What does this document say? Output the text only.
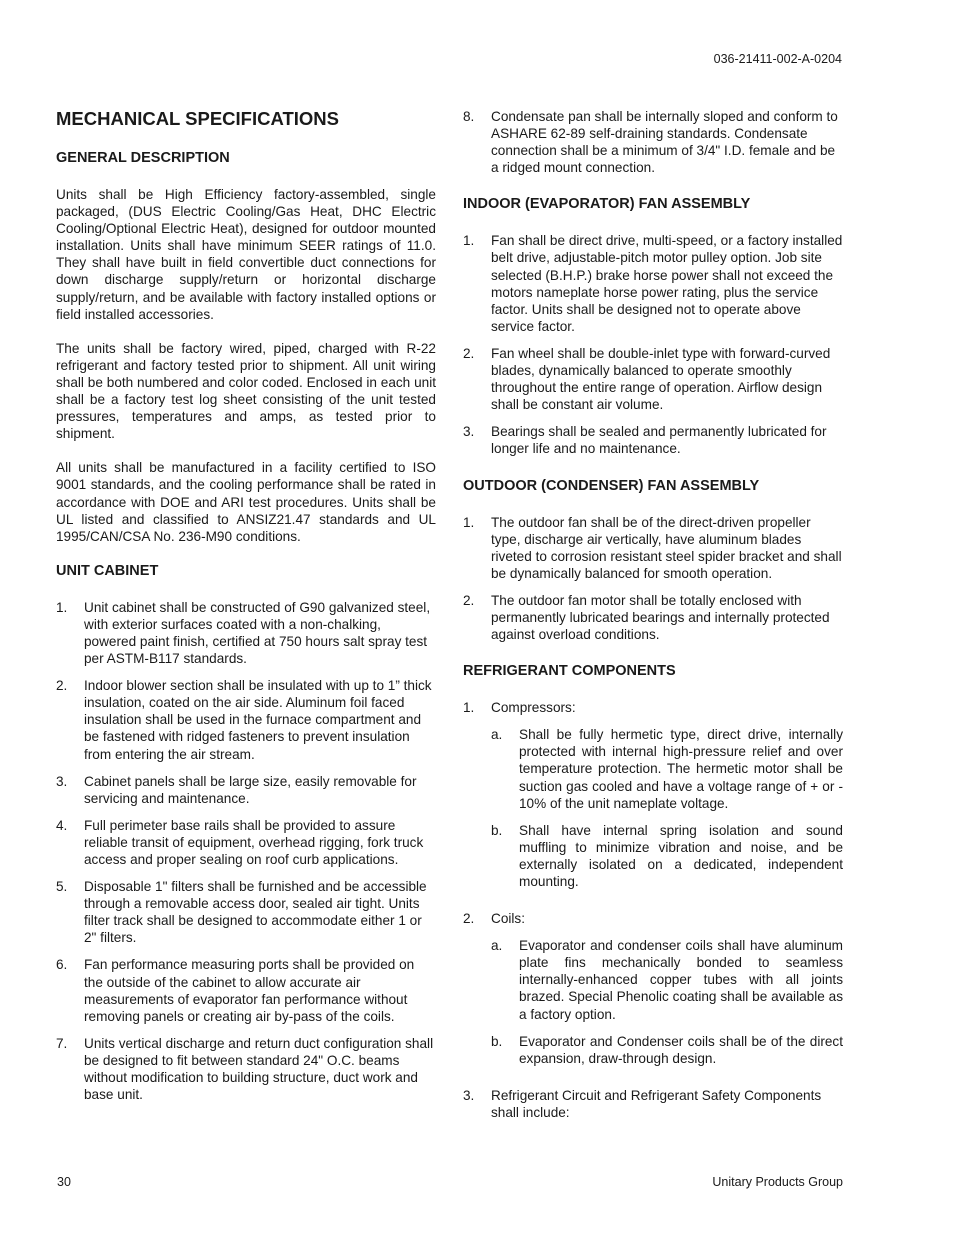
036-21411-002-A-0204
MECHANICAL SPECIFICATIONS
GENERAL DESCRIPTION

Units shall be High Efficiency factory-assembled, single packaged, (DUS Electric Cooling/Gas Heat, DHC Electric Cooling/Optional Electric Heat), designed for outdoor mounted installation. Units shall have minimum SEER ratings of 11.0. They shall have built in field convertible duct connections for down discharge supply/return or horizontal discharge supply/return, and be available with factory installed options or field installed accessories.

The units shall be factory wired, piped, charged with R-22 refrigerant and factory tested prior to shipment. All unit wiring shall be both numbered and color coded. Enclosed in each unit shall be a factory test log sheet consisting of the unit tested pressures, temperatures and amps, as tested prior to shipment.

All units shall be manufactured in a facility certified to ISO 9001 standards, and the cooling performance shall be rated in accordance with DOE and ARI test procedures. Units shall be UL listed and classified to ANSIZ21.47 standards and UL 1995/CAN/CSA No. 236-M90 conditions.

UNIT CABINET
1.	Unit cabinet shall be constructed of G90 galvanized steel, with exterior surfaces coated with a non-chalking, powered paint finish, certified at 750 hours salt spray test per ASTM-B117 standards.
2.	Indoor blower section shall be insulated with up to 1” thick insulation, coated on the air side. Aluminum foil faced insulation shall be used in the furnace compartment and be fastened with ridged fasteners to prevent insulation from entering the air stream.
3.	Cabinet panels shall be large size, easily removable for servicing and maintenance.
4.	Full perimeter base rails shall be provided to assure reliable transit of equipment, overhead rigging, fork truck access and proper sealing on roof curb applications.
5.	Disposable 1" filters shall be furnished and be accessible through a removable access door, sealed air tight. Units filter track shall be designed to accommodate either 1 or 2" filters.
6.	Fan performance measuring ports shall be provided on the outside of the cabinet to allow accurate air measurements of evaporator fan performance without removing panels or creating air by-pass of the coils.
7.	Units vertical discharge and return duct configuration shall be designed to fit between standard 24" O.C. beams without modification to building structure, duct work and base unit.
8.	Condensate pan shall be internally sloped and conform to ASHARE 62-89 self-draining standards. Condensate connection shall be a minimum of 3/4" I.D. female and be a ridged mount connection.
INDOOR (EVAPORATOR) FAN ASSEMBLY
1.	Fan shall be direct drive, multi-speed, or a factory installed belt drive, adjustable-pitch motor pulley option. Job site selected (B.H.P.) brake horse power shall not exceed the motors nameplate horse power rating, plus the service factor. Units shall be designed not to operate above service factor.
2.	Fan wheel shall be double-inlet type with forward-curved blades, dynamically balanced to operate smoothly throughout the entire range of operation. Airflow design shall be constant air volume.
3.	Bearings shall be sealed and permanently lubricated for longer life and no maintenance.
OUTDOOR (CONDENSER) FAN ASSEMBLY
1.	The outdoor fan shall be of the direct-driven propeller type, discharge air vertically, have aluminum blades riveted to corrosion resistant steel spider bracket and shall be dynamically balanced for smooth operation.
2.	The outdoor fan motor shall be totally enclosed with permanently lubricated bearings and internally protected against overload conditions.
REFRIGERANT COMPONENTS
1.	Compressors:
a.	Shall be fully hermetic type, direct drive, internally protected with internal high-pressure relief and over temperature protection. The hermetic motor shall be suction gas cooled and have a voltage range of + or - 10% of the unit nameplate voltage.
b.	Shall have internal spring isolation and sound muffling to minimize vibration and noise, and be externally isolated on a dedicated, independent mounting.
2.	Coils:
a.	Evaporator and condenser coils shall have aluminum plate fins mechanically bonded to seamless internally-enhanced copper tubes with all joints brazed. Special Phenolic coating shall be available as a factory option.
b.	Evaporator and Condenser coils shall be of the direct expansion, draw-through design.
3.	Refrigerant Circuit and Refrigerant Safety Components shall include:
30	Unitary Products Group
